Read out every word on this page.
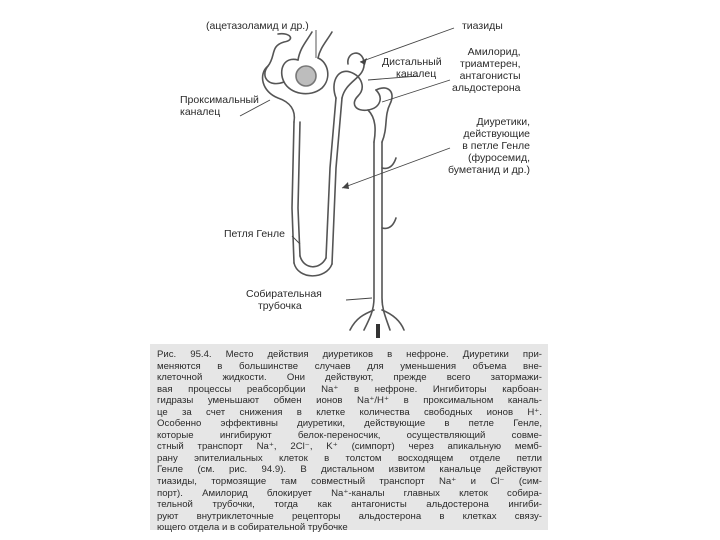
(ацетазоламид и др.)	тиазиды
Дистальный
каналец
Амилорид,
триамтерен,
антагонисты
альдостерона
Проксимальный
каналец
Диуретики,
действующие
в петле Генле
(фуросемид,
буметанид и др.)
Петля Генле
Собирательная
трубочка
Рис. 95.4. Место действия диуретиков в нефроне. Диуретики при-
меняются в большинстве случаев для уменьшения объема вне-
клеточной жидкости. Они действуют, прежде всего затормажи-
вая процессы реабсорбции Na⁺ в нефроне. Ингибиторы карбоан-
гидразы уменьшают обмен ионов Na⁺/H⁺ в проксимальном каналь-
це за счет снижения в клетке количества свободных ионов H⁺.
Особенно эффективны диуретики, действующие в петле Генле,
которые ингибируют белок-переносчик, осуществляющий совме-
стный транспорт Na⁺, 2Cl⁻, K⁺ (симпорт) через апикальную мемб-
рану эпителиальных клеток в толстом восходящем отделе петли
Генле (см. рис. 94.9). В дистальном извитом канальце действуют
тиазиды, тормозящие там совместный транспорт Na⁺ и Cl⁻ (сим-
порт). Амилорид блокирует Na⁺-каналы главных клеток собира-
тельной трубочки, тогда как антагонисты альдостерона ингиби-
руют внутриклеточные рецепторы альдостерона в клетках связу-
ющего отдела и в собирательной трубочке
